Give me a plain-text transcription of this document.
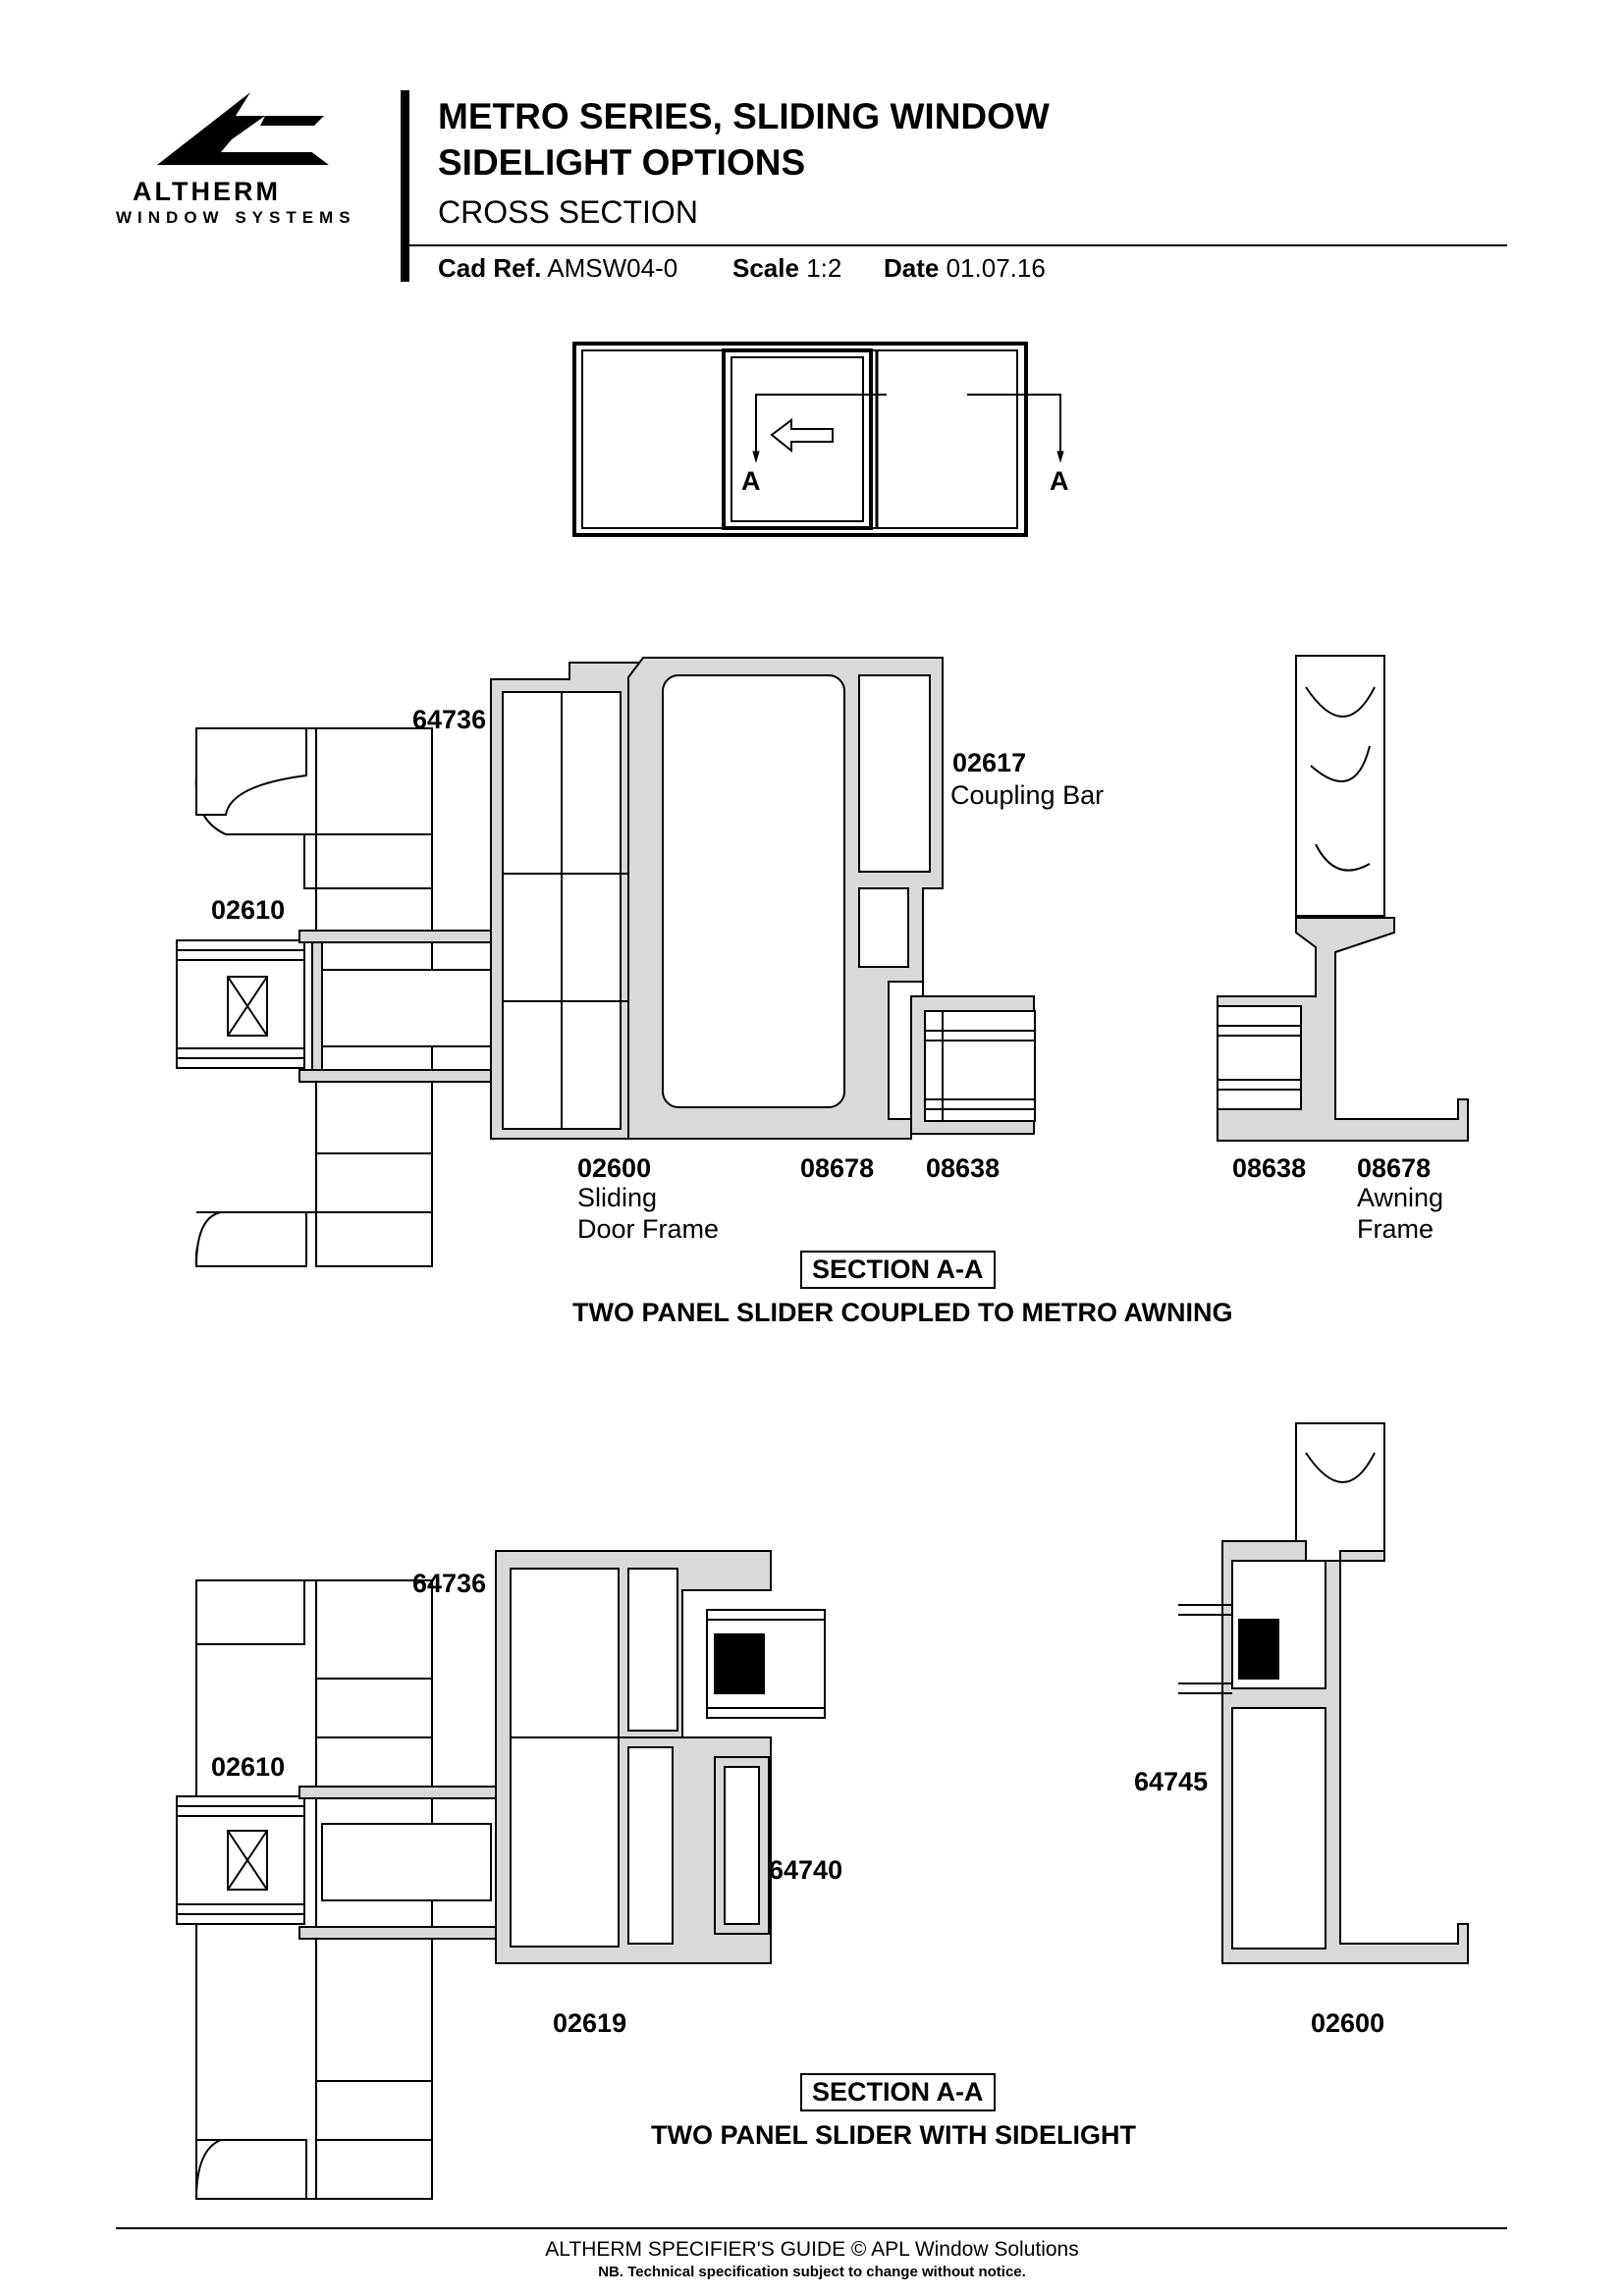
ALTHERM
WINDOW SYSTEMS
METRO SERIES, SLIDING WINDOW
SIDELIGHT OPTIONS
CROSS SECTION
Cad Ref. AMSW04-0 Scale 1:2 Date 01.07.16
A	A
64736
02617
Coupling Bar
02610
02600
Sliding
Door Frame
08678 08638	08638 08678
Awning
Frame
SECTION A-A
TWO PANEL SLIDER COUPLED TO METRO AWNING
64736
02610
64740
02619
64745
02600
SECTION A-A
TWO PANEL SLIDER WITH SIDELIGHT
ALTHERM SPECIFIER'S GUIDE © APL Window Solutions
NB. Technical specification subject to change without notice.
